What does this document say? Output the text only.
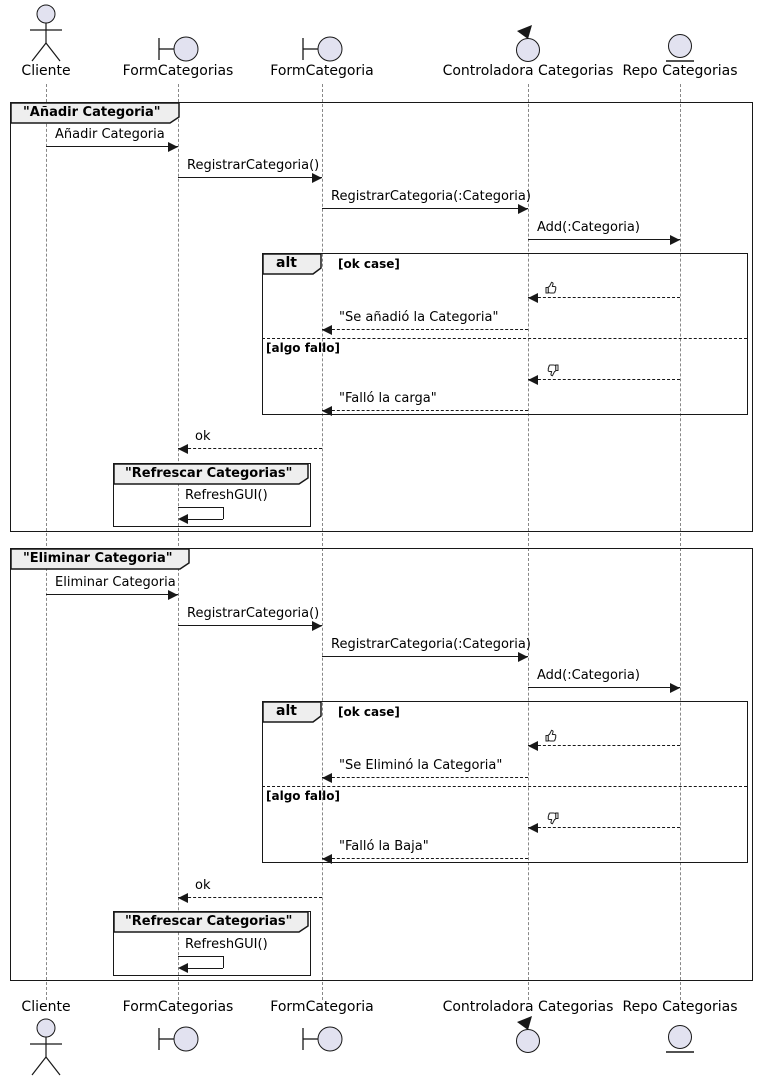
Cliente
Cliente
FormCategorias
FormCategorias
FormCategoria
FormCategoria
Controladora Categorias
Controladora Categorias
Repo Categorias
Repo Categorias
"Añadir Categoria"
"Eliminar Categoria"
"Refrescar Categorias"
"Refrescar Categorias"
alt	[ok case]
[algo fallo]
alt	[ok case]
[algo fallo]
Añadir Categoria
RegistrarCategoria()
RegistrarCategoria(:Categoria)
Add(:Categoria)
"Se añadió la Categoria"
"Falló la carga"
ok
RefreshGUI()
Eliminar Categoria
RegistrarCategoria()
RegistrarCategoria(:Categoria)
Add(:Categoria)
"Se Eliminó la Categoria"
"Falló la Baja"
ok
RefreshGUI()
